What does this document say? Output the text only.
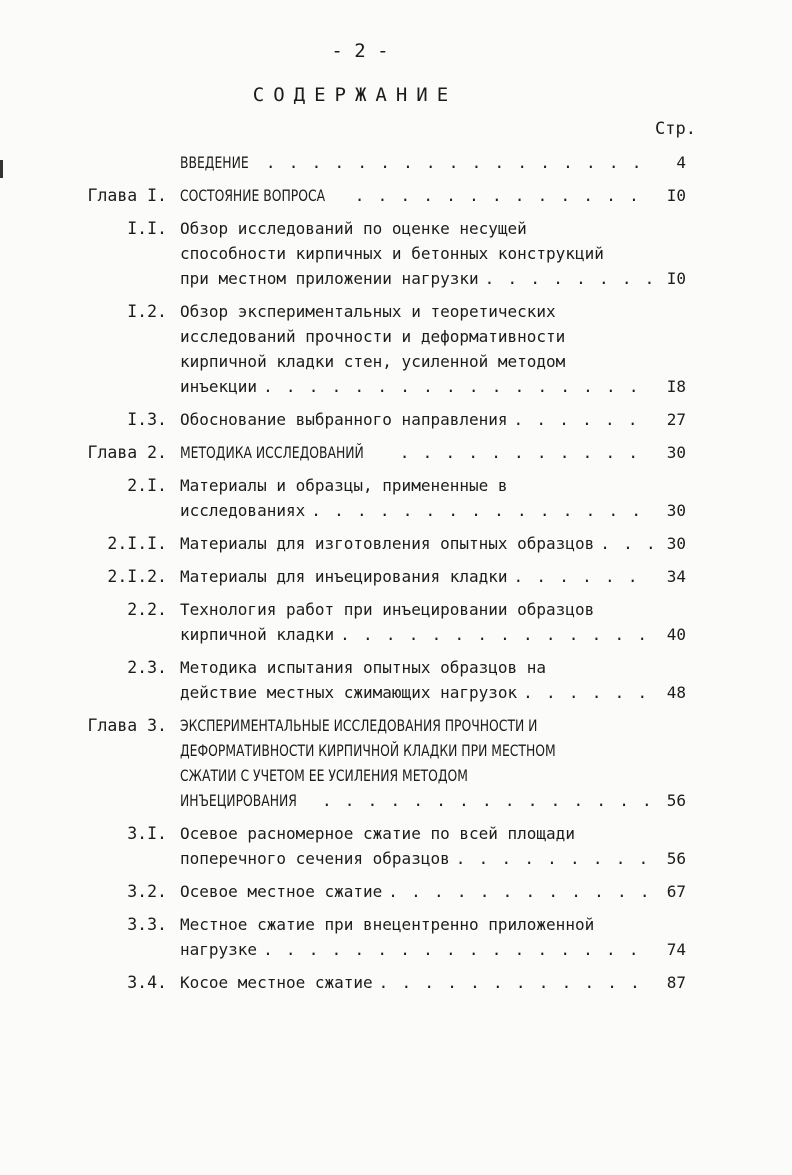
- 2 -
СОДЕРЖАНИЕ
Стр.
ВВЕДЕНИЕ . . .	4
Глава I. СОСТОЯНИЕ ВОПРОСА . . .	I0
I.I. Обзор исследований по оценке несущей
способности кирпичных и бетонных конструкций
при местном приложении нагрузки . . .	I0
I.2. Обзор экспериментальных и теоретических
исследований прочности и деформативности
кирпичной кладки стен, усиленной методом
инъекции . . .	I8
I.3. Обоснование выбранного направления . . .	27
Глава 2. МЕТОДИКА ИССЛЕДОВАНИЙ . . .	30
2.I. Материалы и образцы, примененные в
исследованиях . . .	30
2.I.I. Материалы для изготовления опытных образцов . . .	30
2.I.2. Материалы для инъецирования кладки . . .	34
2.2. Технология работ при инъецировании образцов
кирпичной кладки . . .	40
2.3. Методика испытания опытных образцов на
действие местных сжимающих нагрузок . . .	48
Глава 3. ЭКСПЕРИМЕНТАЛЬНЫЕ ИССЛЕДОВАНИЯ ПРОЧНОСТИ И
ДЕФОРМАТИВНОСТИ КИРПИЧНОЙ КЛАДКИ ПРИ МЕСТНОМ
СЖАТИИ С УЧЕТОМ ЕЕ УСИЛЕНИЯ МЕТОДОМ
ИНЪЕЦИРОВАНИЯ . . .	56
3.I. Осевое расномерное сжатие по всей площади
поперечного сечения образцов . . .	56
3.2. Осевое местное сжатие . . .	67
3.3. Местное сжатие при внецентренно приложенной
нагрузке . . .	74
3.4. Косое местное сжатие . . .	87
